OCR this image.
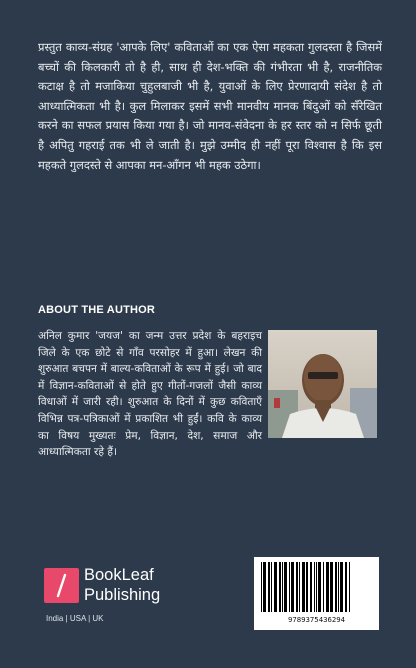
प्रस्तुत काव्य-संग्रह 'आपके लिए' कविताओं का एक ऐसा महकता गुलदस्ता है जिसमें बच्चों की किलकारी तो है ही, साथ ही देश-भक्ति की गंभीरता भी है, राजनीतिक कटाक्ष है तो मजाकिया चुहुलबाजी भी है, युवाओं के लिए प्रेरणादायी संदेश है तो आध्यात्मिकता भी है। कुल मिलाकर इसमें सभी मानवीय मानक बिंदुओं को सँरेखित करने का सफल प्रयास किया गया है। जो मानव-संवेदना के हर स्तर को न सिर्फ छूती है अपितु गहराई तक भी ले जाती है। मुझे उम्मीद ही नहीं पूरा विश्वास है कि इस महकते गुलदस्ते से आपका मन-आँगन भी महक उठेगा।

ABOUT THE AUTHOR

अनिल कुमार 'जयज' का जन्म उत्तर प्रदेश के बहराइच जिले के एक छोटे से गाँव परसोहर में हुआ। लेखन की शुरुआत बचपन में बाल्य-कविताओं के रूप में हुई। जो बाद में विज्ञान-कविताओं से होते हुए गीतों-गजलों जैसी काव्य विधाओं में जारी रही। शुरुआत के दिनों में कुछ कविताएँ विभिन्न पत्र-पत्रिकाओं में प्रकाशित भी हुईं। कवि के काव्य का विषय मुख्यतः प्रेम, विज्ञान, देश, समाज और आध्यात्मिकता रहे हैं।

BookLeaf
Publishing
India | USA | UK	9789375436294
